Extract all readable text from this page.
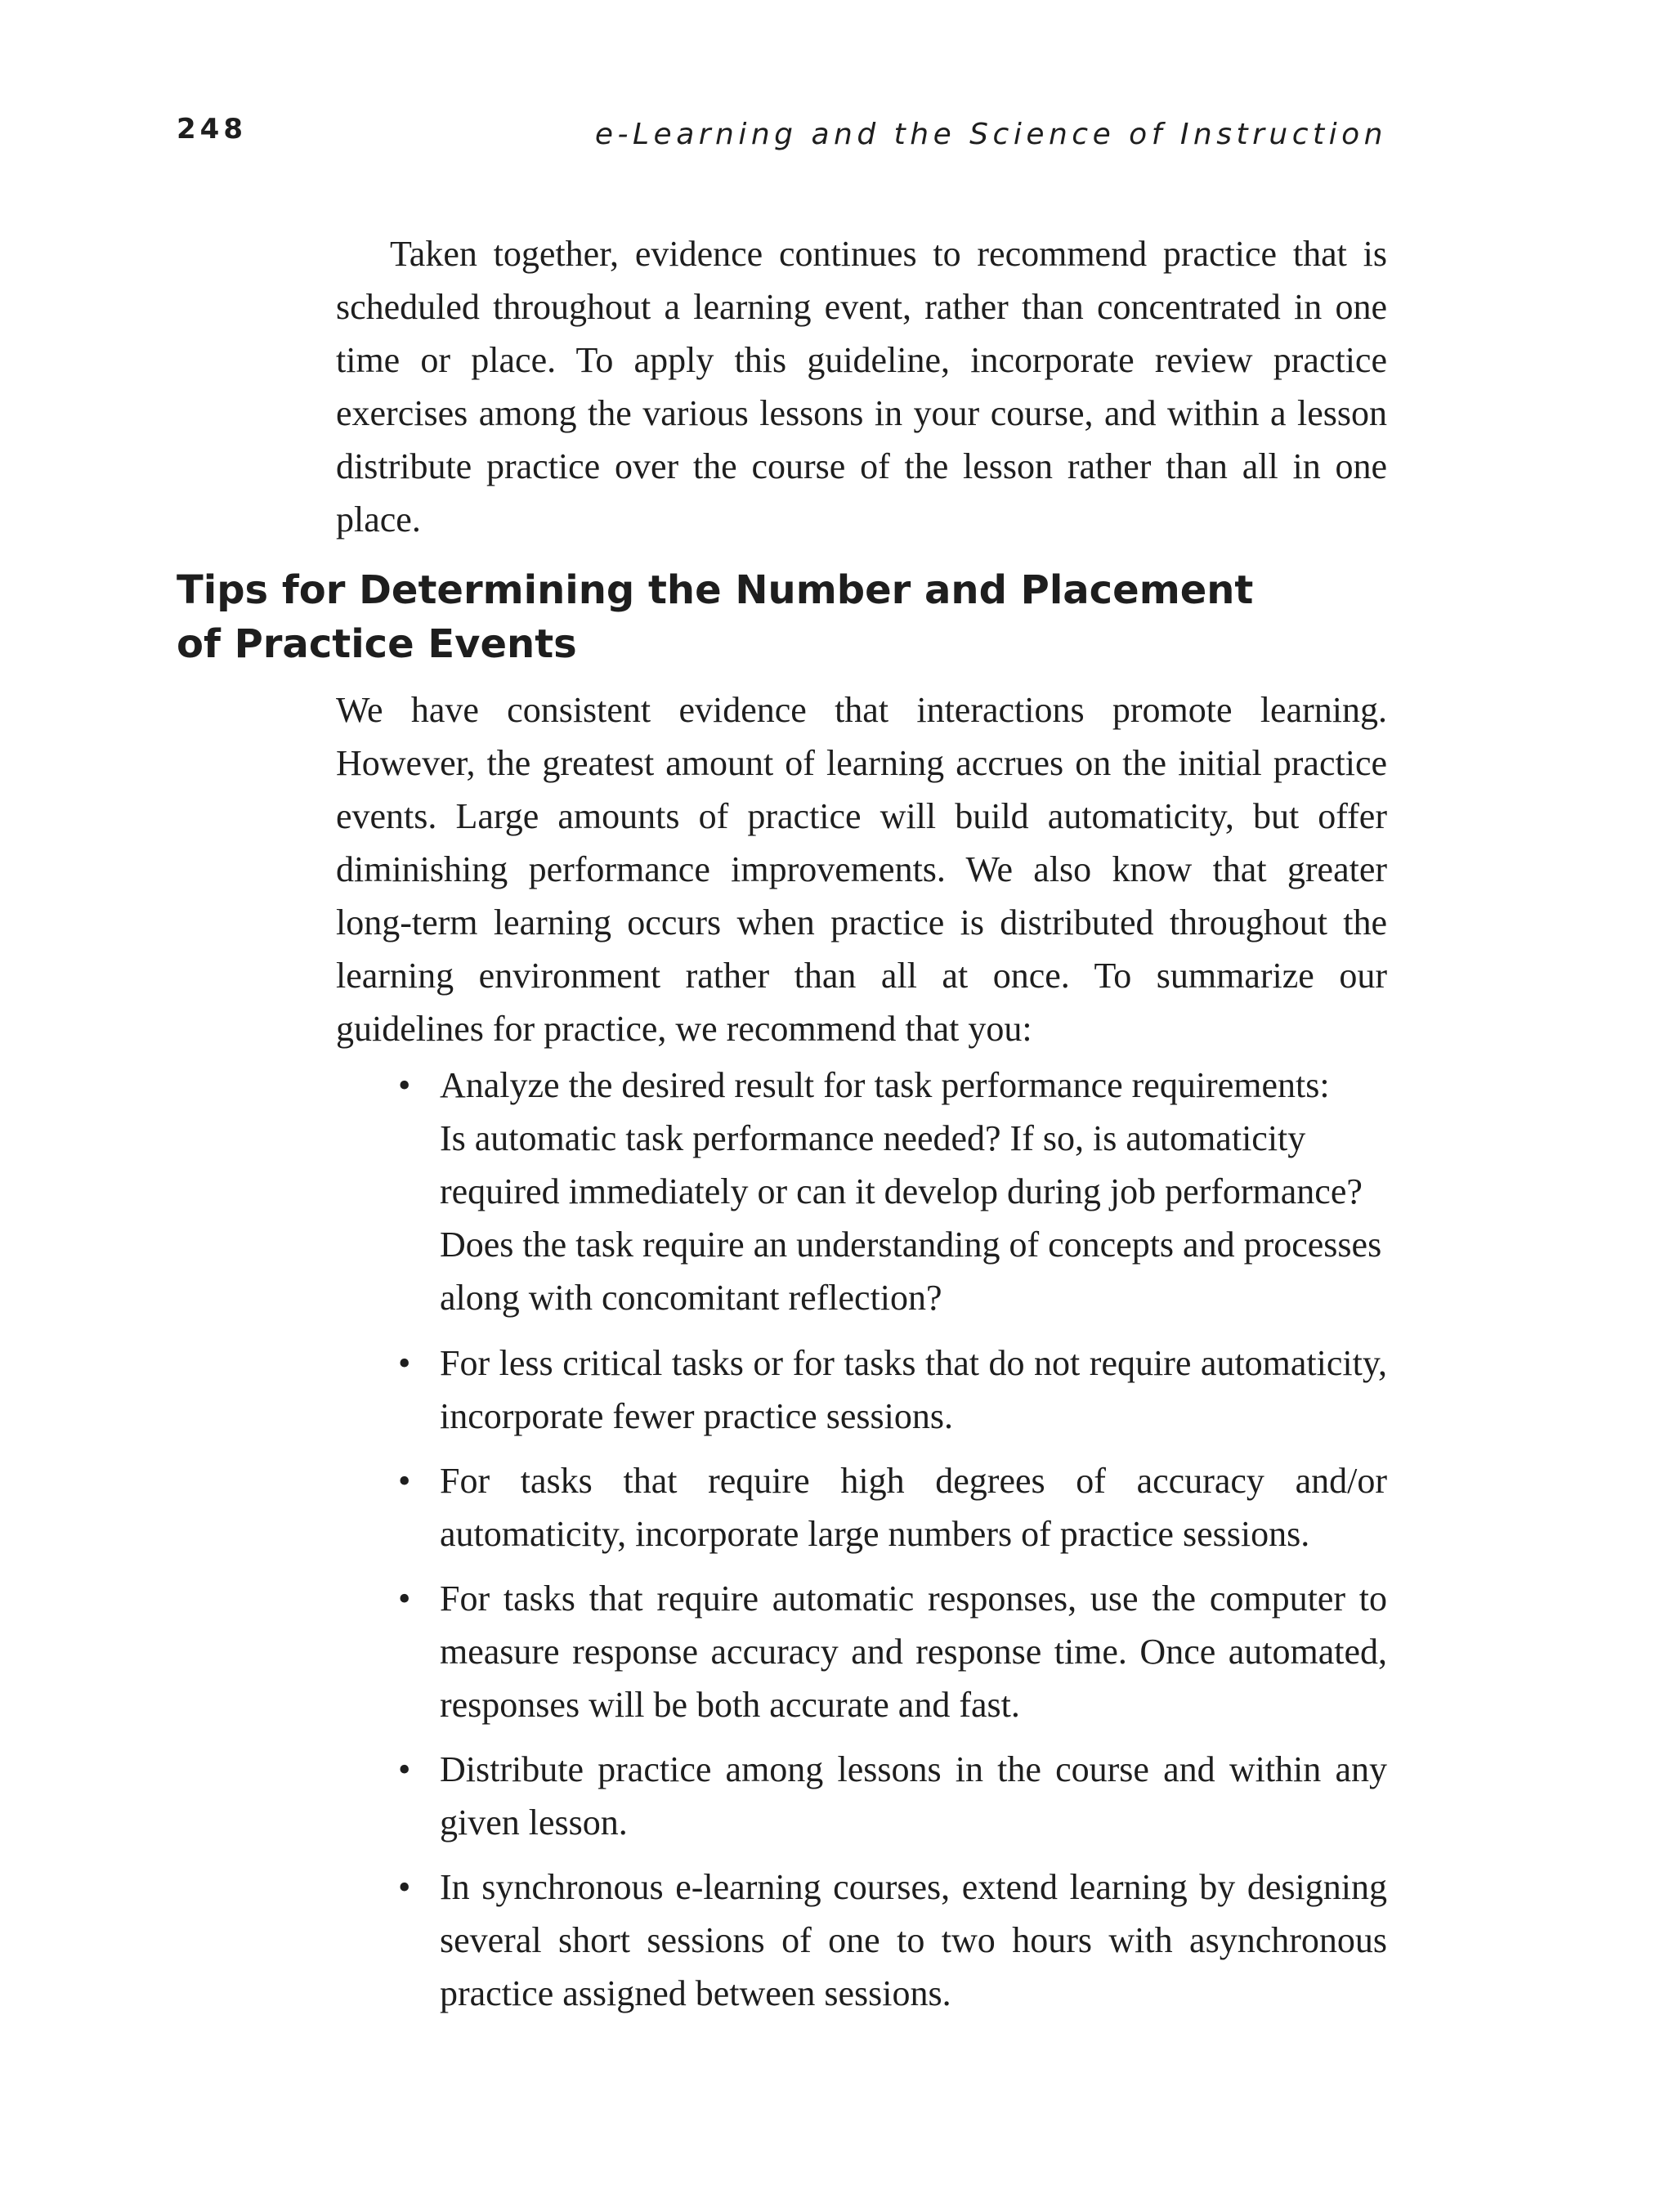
248	e-Learning and the Science of Instruction

Taken together, evidence continues to recommend practice that is scheduled throughout a learning event, rather than concentrated in one time or place. To apply this guideline, incorporate review practice exercises among the various lessons in your course, and within a lesson distribute practice over the course of the lesson rather than all in one place.

Tips for Determining the Number and Placement
of Practice Events

We have consistent evidence that interactions promote learning. However, the greatest amount of learning accrues on the initial practice events. Large amounts of practice will build automaticity, but offer diminishing performance improvements. We also know that greater long-term learning occurs when practice is distributed throughout the learning environment rather than all at once. To summarize our guidelines for practice, we recommend that you:

• Analyze the desired result for task performance requirements:
Is automatic task performance needed? If so, is automaticity
required immediately or can it develop during job performance?
Does the task require an understanding of concepts and processes
along with concomitant reflection?
• For less critical tasks or for tasks that do not require automaticity, incorporate fewer practice sessions.
• For tasks that require high degrees of accuracy and/or automaticity, incorporate large numbers of practice sessions.
• For tasks that require automatic responses, use the computer to measure response accuracy and response time. Once automated, responses will be both accurate and fast.
• Distribute practice among lessons in the course and within any given lesson.
• In synchronous e-learning courses, extend learning by designing several short sessions of one to two hours with asynchronous practice assigned between sessions.
